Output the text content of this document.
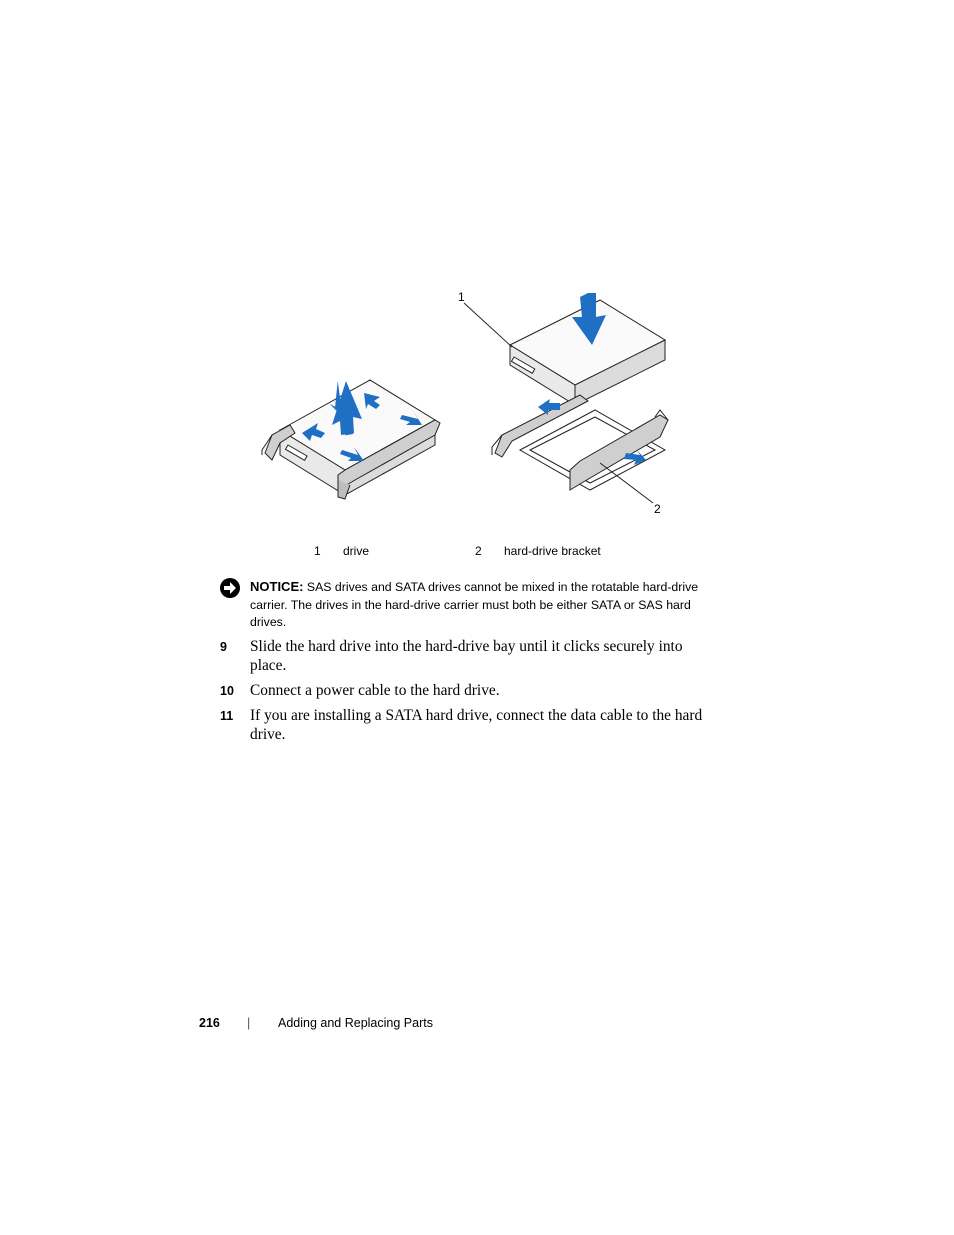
1
2
1 drive	2 hard-drive bracket
NOTICE: SAS drives and SATA drives cannot be mixed in the rotatable hard-drive carrier. The drives in the hard-drive carrier must both be either SATA or SAS hard drives.
9 Slide the hard drive into the hard-drive bay until it clicks securely into place.
10 Connect a power cable to the hard drive.
11 If you are installing a SATA hard drive, connect the data cable to the hard drive.
216 | Adding and Replacing Parts
